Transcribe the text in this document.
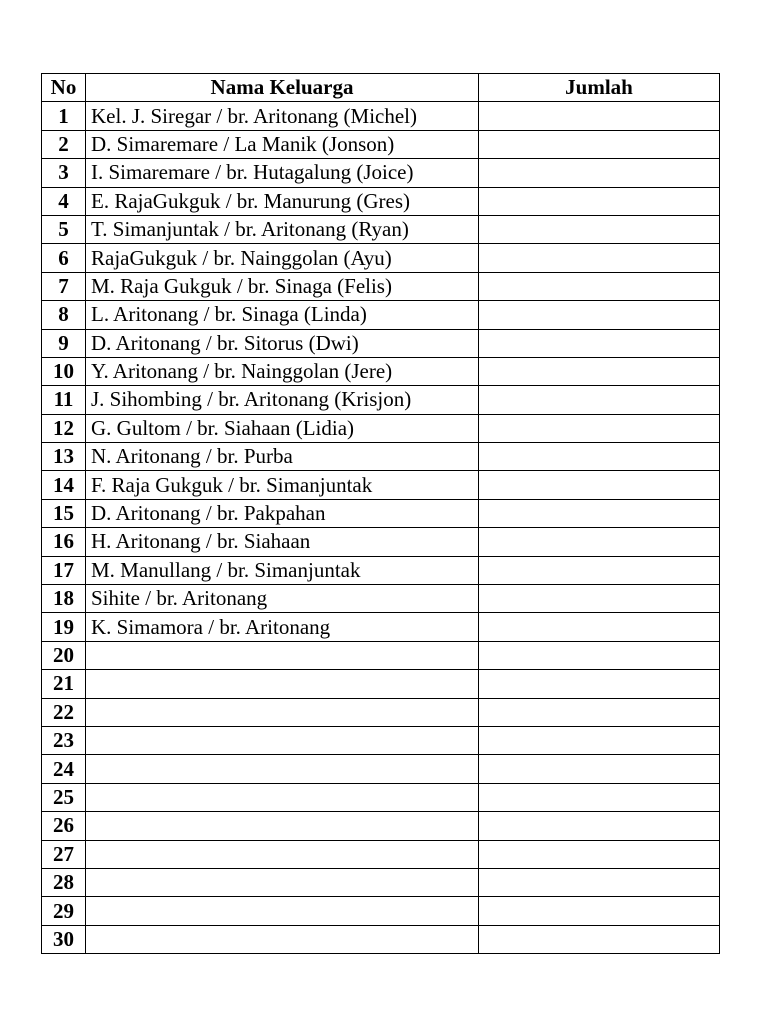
No	Nama Keluarga	Jumlah
1	Kel. J. Siregar / br. Aritonang (Michel)	
2	D. Simaremare / La Manik (Jonson)	
3	I. Simaremare / br. Hutagalung (Joice)	
4	E. RajaGukguk / br. Manurung (Gres)	
5	T. Simanjuntak / br. Aritonang (Ryan)	
6	RajaGukguk / br. Nainggolan (Ayu)	
7	M. Raja Gukguk / br. Sinaga (Felis)	
8	L. Aritonang / br. Sinaga (Linda)	
9	D. Aritonang / br. Sitorus (Dwi)	
10	Y. Aritonang / br. Nainggolan (Jere)	
11	J. Sihombing / br. Aritonang (Krisjon)	
12	G. Gultom / br. Siahaan (Lidia)	
13	N. Aritonang / br. Purba	
14	F. Raja Gukguk / br. Simanjuntak	
15	D. Aritonang / br. Pakpahan	
16	H. Aritonang / br. Siahaan	
17	M. Manullang / br. Simanjuntak	
18	Sihite / br. Aritonang	
19	K. Simamora / br. Aritonang	
20		
21		
22		
23		
24		
25		
26		
27		
28		
29		
30		
